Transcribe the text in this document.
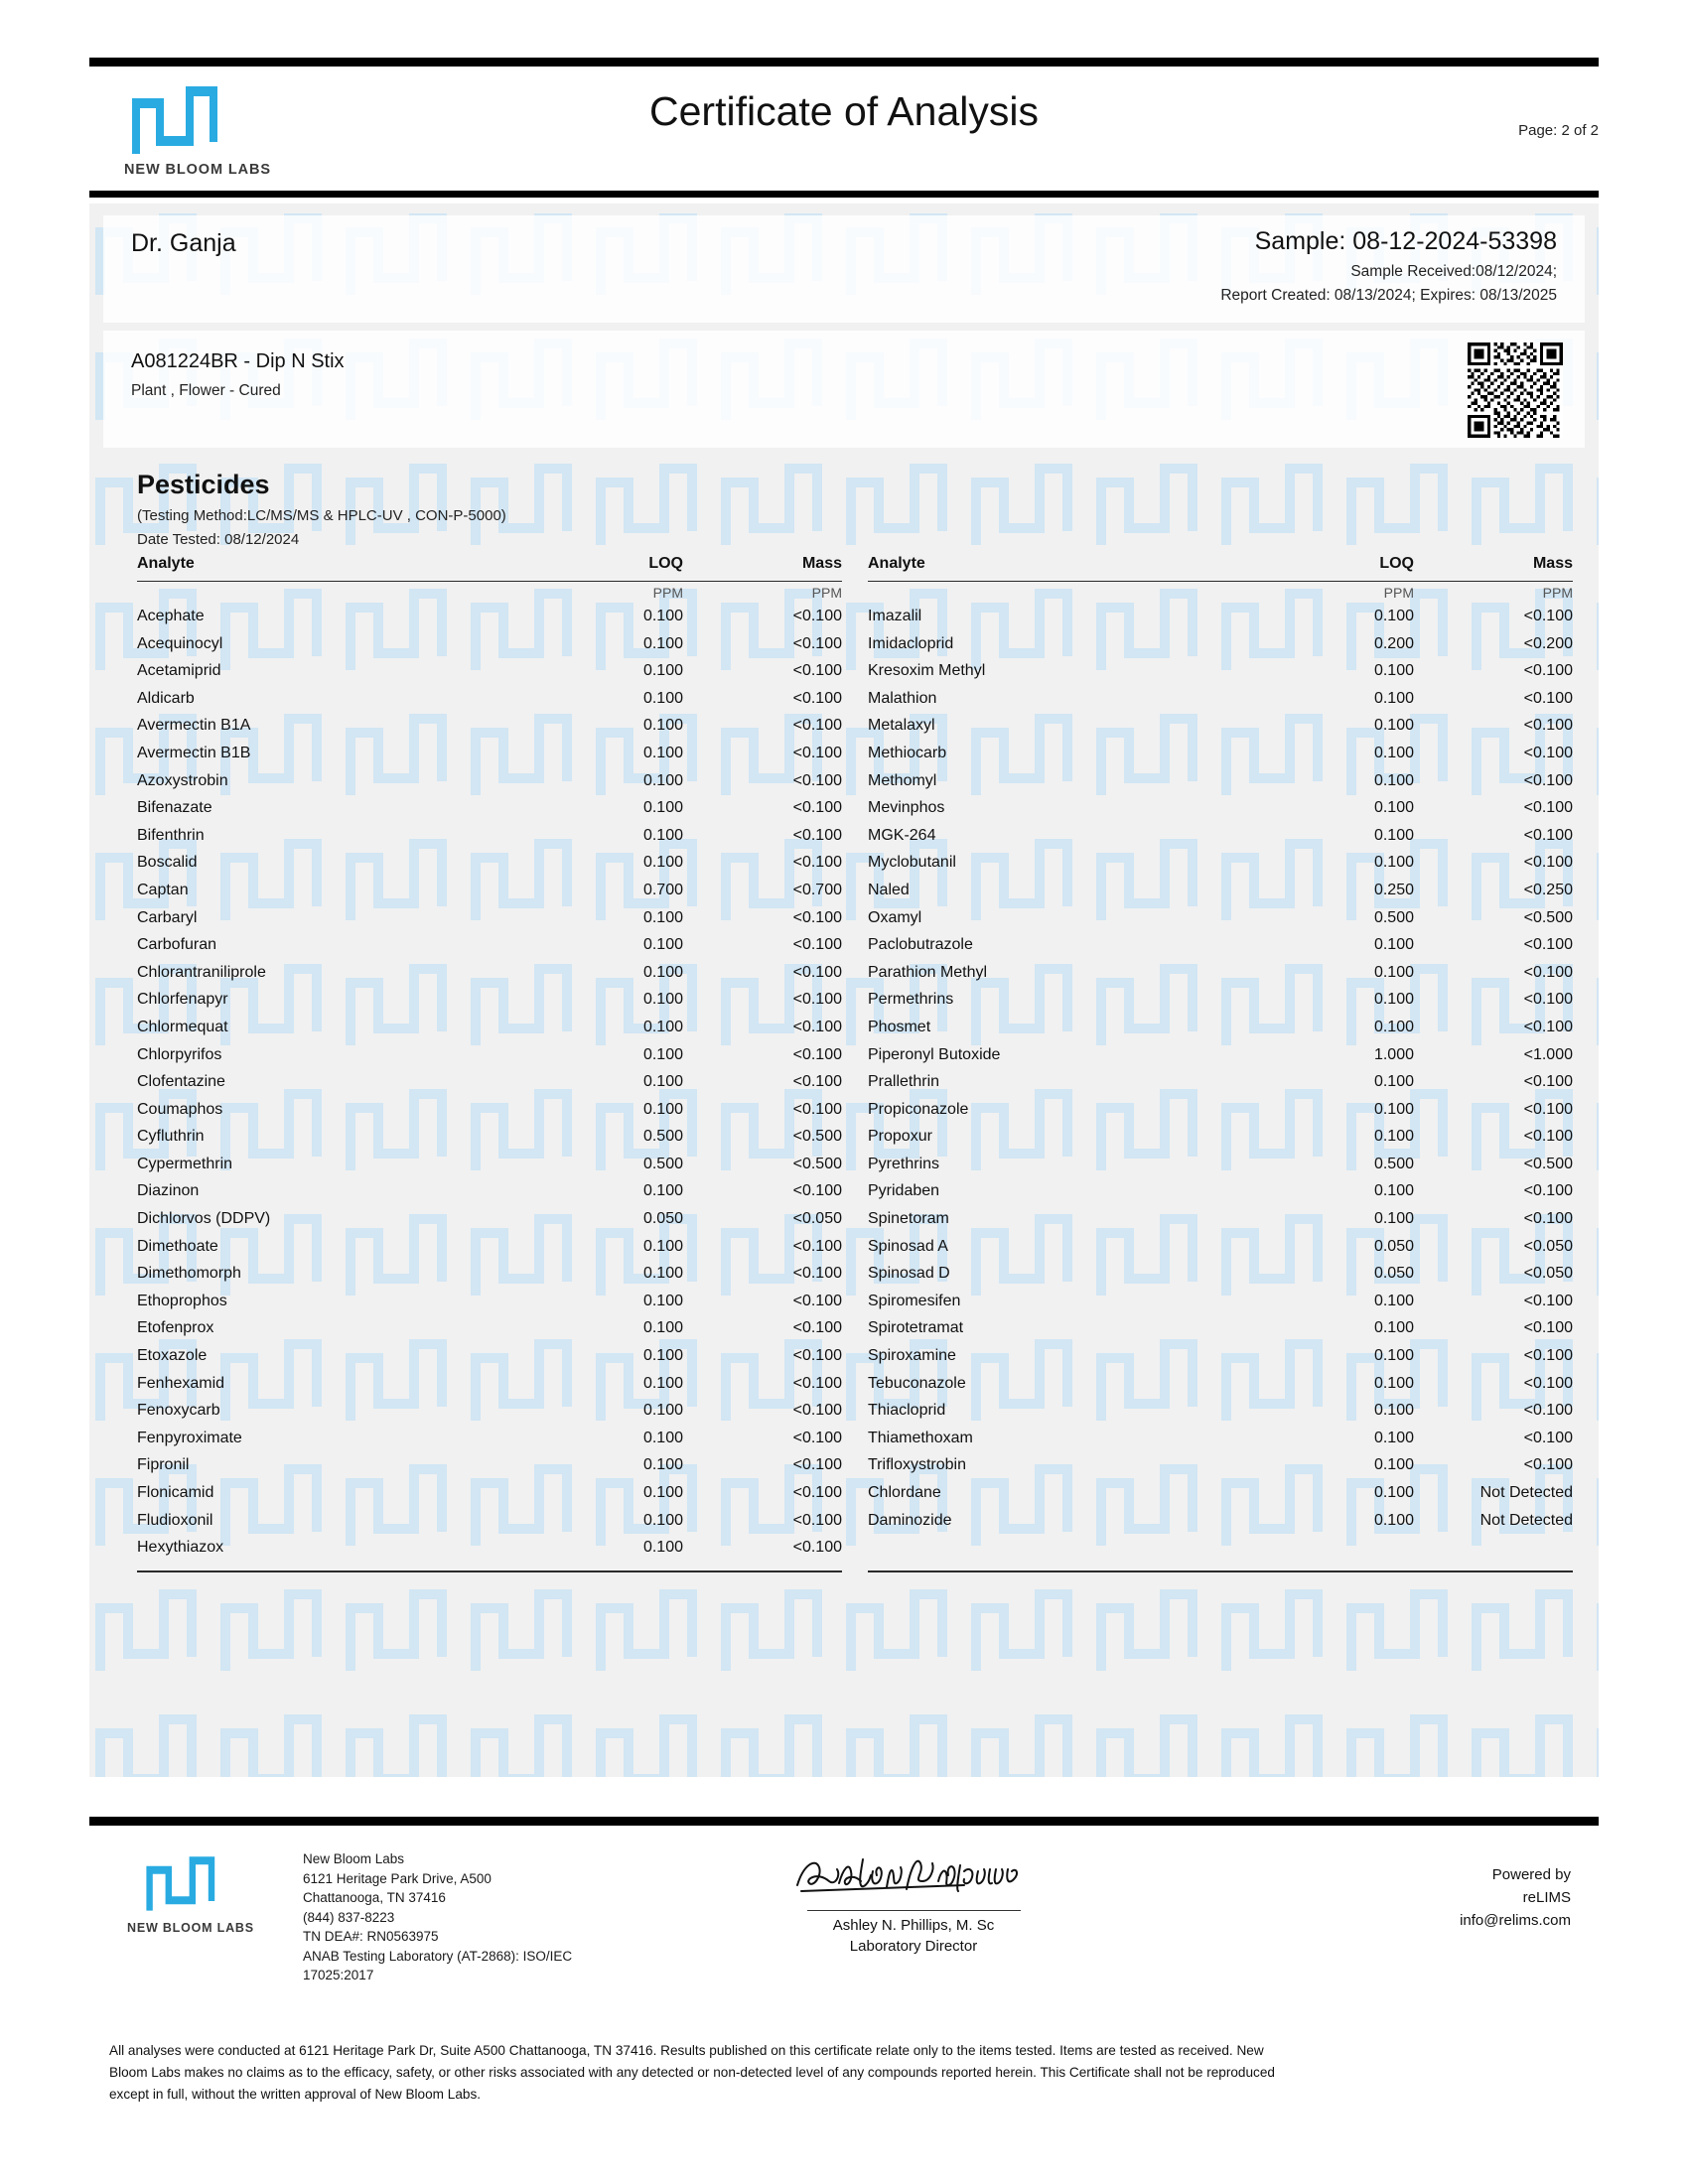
NEW BLOOM LABS
Certificate of Analysis	Page: 2 of 2
Dr. Ganja	Sample: 08-12-2024-53398
Sample Received:08/12/2024;
Report Created: 08/13/2024; Expires: 08/13/2025
A081224BR - Dip N Stix
Plant , Flower - Cured
Pesticides
(Testing Method:LC/MS/MS & HPLC-UV , CON-P-5000)
Date Tested: 08/12/2024
Analyte	LOQ	Mass
PPM	PPM
Acephate	0.100	<0.100
Acequinocyl	0.100	<0.100
Acetamiprid	0.100	<0.100
Aldicarb	0.100	<0.100
Avermectin B1A	0.100	<0.100
Avermectin B1B	0.100	<0.100
Azoxystrobin	0.100	<0.100
Bifenazate	0.100	<0.100
Bifenthrin	0.100	<0.100
Boscalid	0.100	<0.100
Captan	0.700	<0.700
Carbaryl	0.100	<0.100
Carbofuran	0.100	<0.100
Chlorantraniliprole	0.100	<0.100
Chlorfenapyr	0.100	<0.100
Chlormequat	0.100	<0.100
Chlorpyrifos	0.100	<0.100
Clofentazine	0.100	<0.100
Coumaphos	0.100	<0.100
Cyfluthrin	0.500	<0.500
Cypermethrin	0.500	<0.500
Diazinon	0.100	<0.100
Dichlorvos (DDPV)	0.050	<0.050
Dimethoate	0.100	<0.100
Dimethomorph	0.100	<0.100
Ethoprophos	0.100	<0.100
Etofenprox	0.100	<0.100
Etoxazole	0.100	<0.100
Fenhexamid	0.100	<0.100
Fenoxycarb	0.100	<0.100
Fenpyroximate	0.100	<0.100
Fipronil	0.100	<0.100
Flonicamid	0.100	<0.100
Fludioxonil	0.100	<0.100
Hexythiazox	0.100	<0.100
Analyte	LOQ	Mass
PPM	PPM
Imazalil	0.100	<0.100
Imidacloprid	0.200	<0.200
Kresoxim Methyl	0.100	<0.100
Malathion	0.100	<0.100
Metalaxyl	0.100	<0.100
Methiocarb	0.100	<0.100
Methomyl	0.100	<0.100
Mevinphos	0.100	<0.100
MGK-264	0.100	<0.100
Myclobutanil	0.100	<0.100
Naled	0.250	<0.250
Oxamyl	0.500	<0.500
Paclobutrazole	0.100	<0.100
Parathion Methyl	0.100	<0.100
Permethrins	0.100	<0.100
Phosmet	0.100	<0.100
Piperonyl Butoxide	1.000	<1.000
Prallethrin	0.100	<0.100
Propiconazole	0.100	<0.100
Propoxur	0.100	<0.100
Pyrethrins	0.500	<0.500
Pyridaben	0.100	<0.100
Spinetoram	0.100	<0.100
Spinosad A	0.050	<0.050
Spinosad D	0.050	<0.050
Spiromesifen	0.100	<0.100
Spirotetramat	0.100	<0.100
Spiroxamine	0.100	<0.100
Tebuconazole	0.100	<0.100
Thiacloprid	0.100	<0.100
Thiamethoxam	0.100	<0.100
Trifloxystrobin	0.100	<0.100
Chlordane	0.100	Not Detected
Daminozide	0.100	Not Detected
NEW BLOOM LABS
New Bloom Labs
6121 Heritage Park Drive, A500
Chattanooga, TN 37416
(844) 837-8223
TN DEA#: RN0563975
ANAB Testing Laboratory (AT-2868): ISO/IEC
17025:2017
Ashley N. Phillips, M. Sc
Laboratory Director
Powered by
reLIMS
info@relims.com
All analyses were conducted at 6121 Heritage Park Dr, Suite A500 Chattanooga, TN 37416. Results published on this certificate relate only to the items tested. Items are tested as received. New
Bloom Labs makes no claims as to the efficacy, safety, or other risks associated with any detected or non-detected level of any compounds reported herein. This Certificate shall not be reproduced
except in full, without the written approval of New Bloom Labs.
